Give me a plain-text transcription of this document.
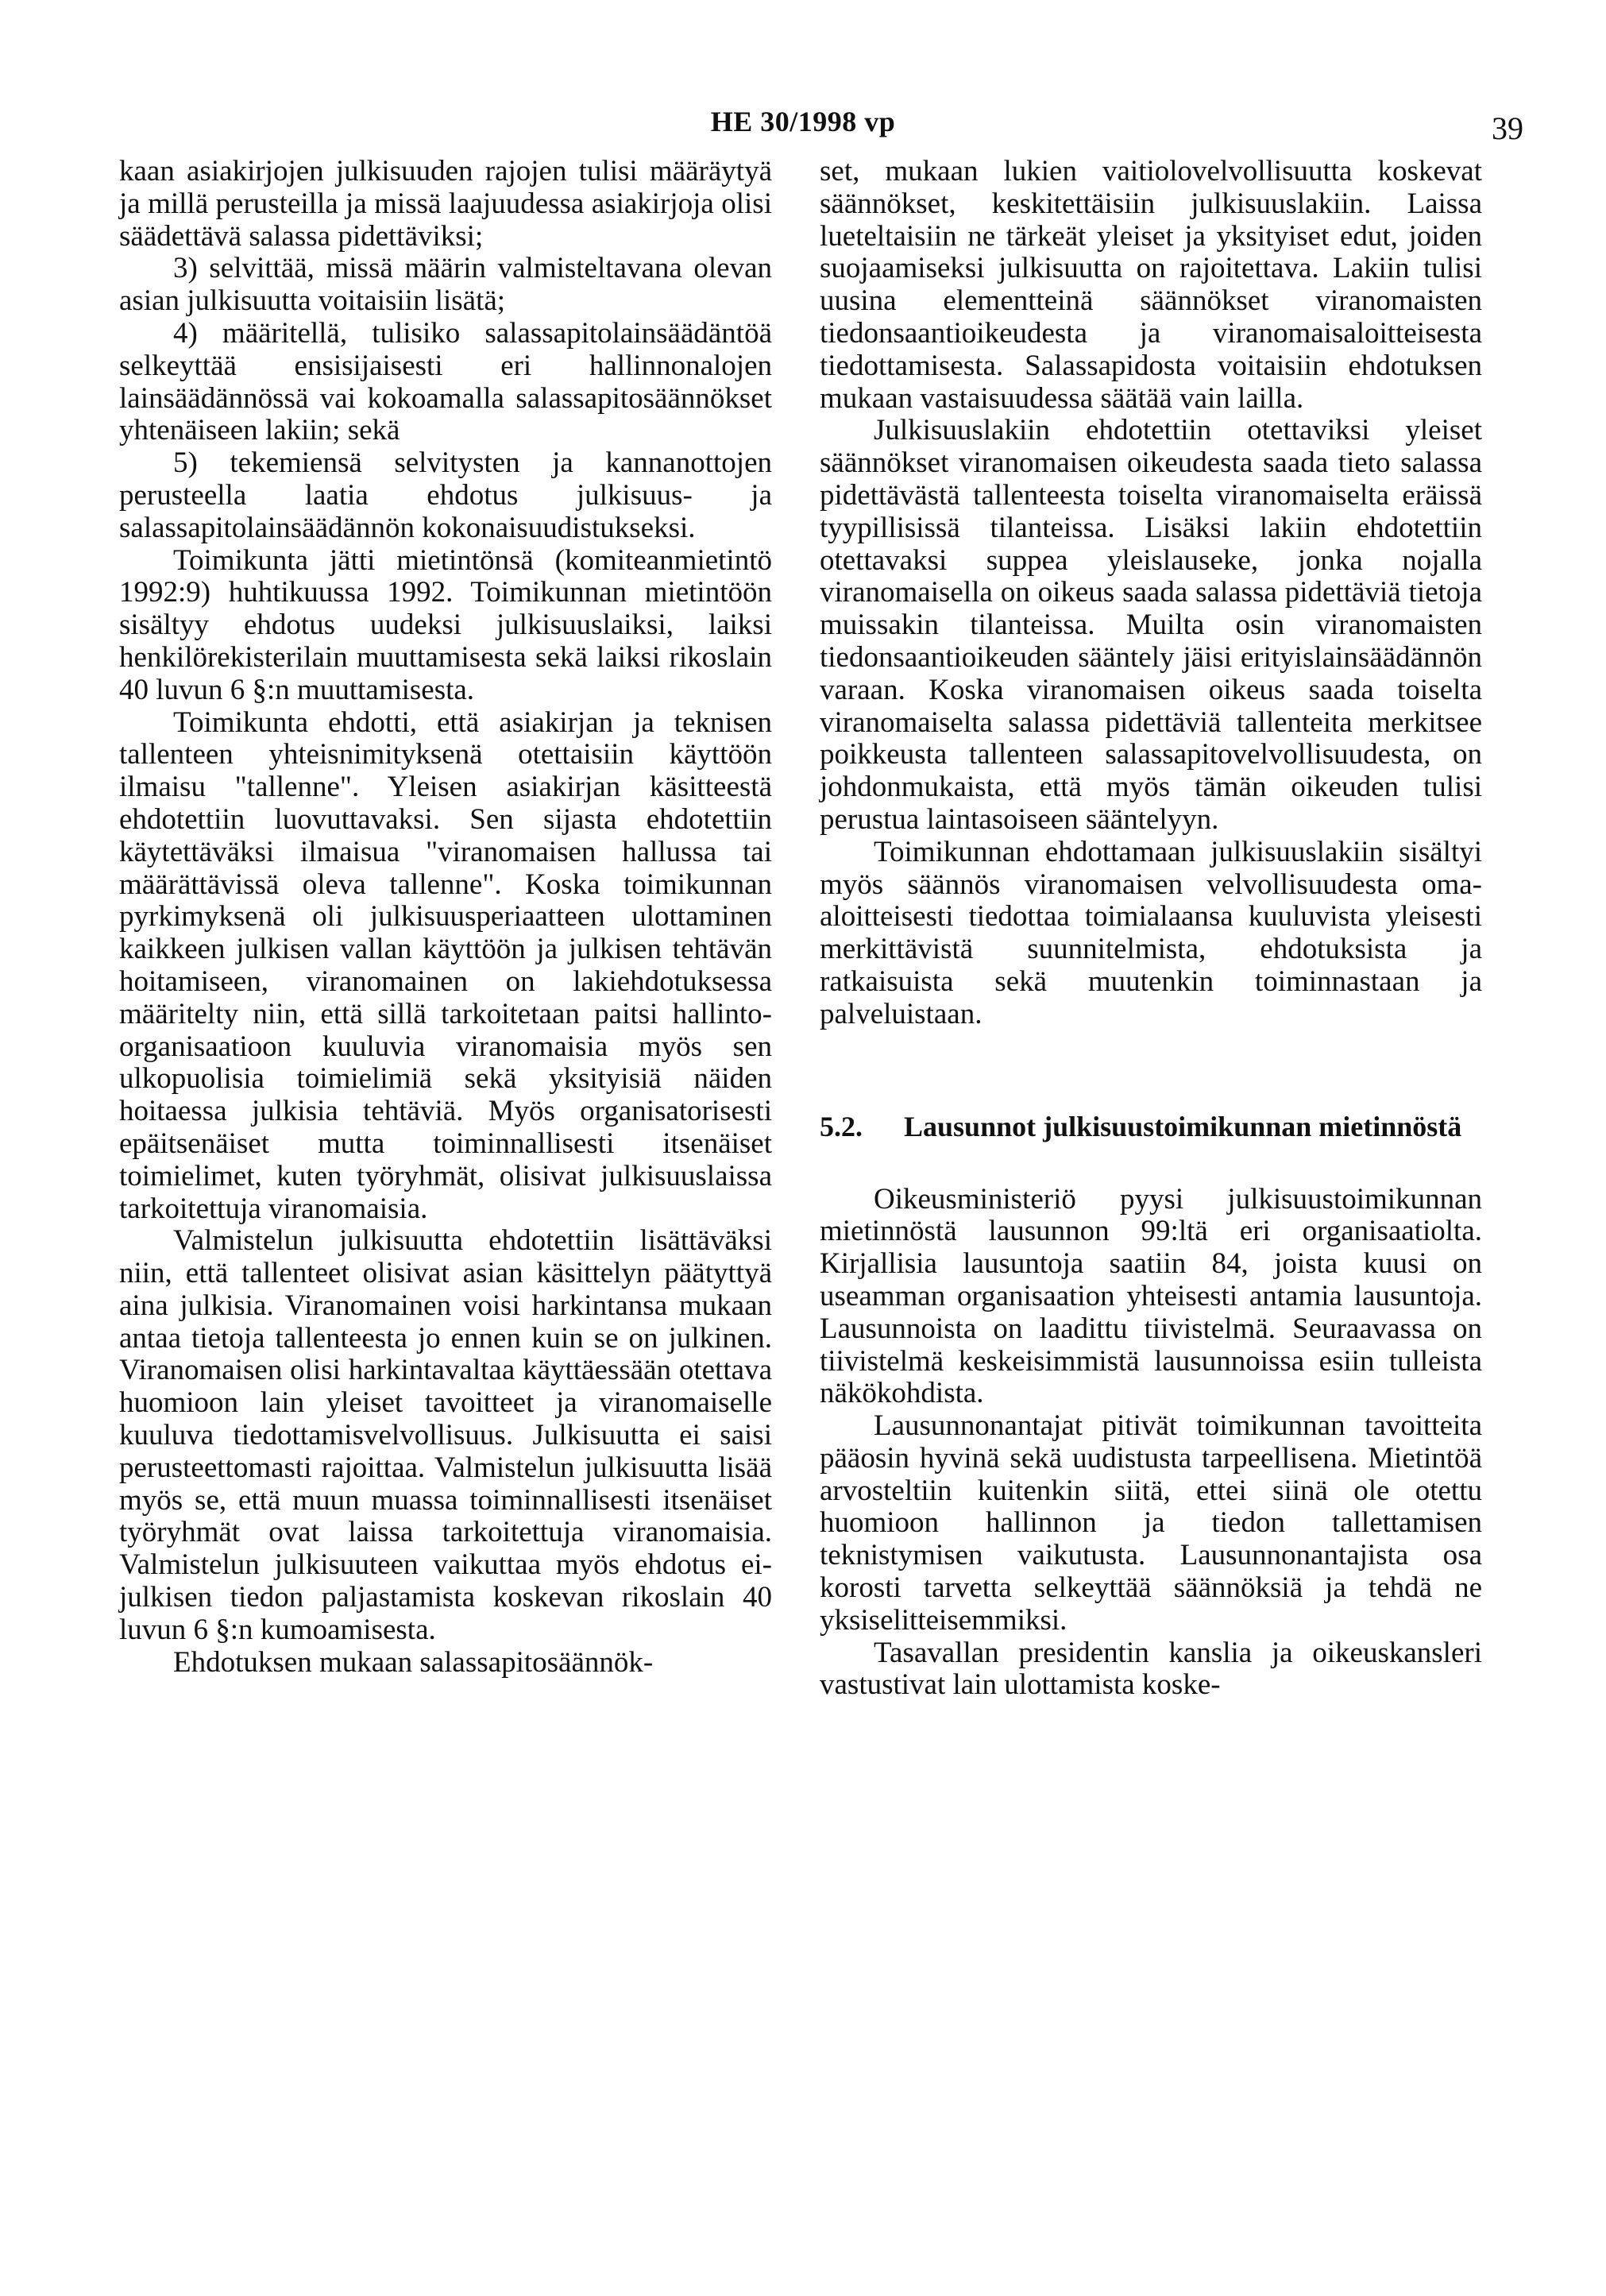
HE 30/1998 vp	39

kaan asiakirjojen julkisuuden rajojen tulisi määräytyä ja millä perusteilla ja missä laajuudessa asiakirjoja olisi säädettävä salassa pidettäviksi;

3) selvittää, missä määrin valmisteltavana olevan asian julkisuutta voitaisiin lisätä;

4) määritellä, tulisiko salassapitolainsäädäntöä selkeyttää ensisijaisesti eri hallinnonalojen lainsäädännössä vai kokoamalla salassapitosäännökset yhtenäiseen lakiin; sekä

5) tekemiensä selvitysten ja kannanottojen perusteella laatia ehdotus julkisuus- ja salassapitolainsäädännön kokonaisuudistukseksi.

Toimikunta jätti mietintönsä (komiteanmietintö 1992:9) huhtikuussa 1992. Toimikunnan mietintöön sisältyy ehdotus uudeksi julkisuuslaiksi, laiksi henkilörekisterilain muuttamisesta sekä laiksi rikoslain 40 luvun 6 §:n muuttamisesta.

Toimikunta ehdotti, että asiakirjan ja teknisen tallenteen yhteisnimityksenä otettaisiin käyttöön ilmaisu "tallenne". Yleisen asiakirjan käsitteestä ehdotettiin luovuttavaksi. Sen sijasta ehdotettiin käytettäväksi ilmaisua "viranomaisen hallussa tai määrättävissä oleva tallenne". Koska toimikunnan pyrkimyksenä oli julkisuusperiaatteen ulottaminen kaikkeen julkisen vallan käyttöön ja julkisen tehtävän hoitamiseen, viranomainen on lakiehdotuksessa määritelty niin, että sillä tarkoitetaan paitsi hallinto-organisaatioon kuuluvia viranomaisia myös sen ulkopuolisia toimielimiä sekä yksityisiä näiden hoitaessa julkisia tehtäviä. Myös organisatorisesti epäitsenäiset mutta toiminnallisesti itsenäiset toimielimet, kuten työryhmät, olisivat julkisuuslaissa tarkoitettuja viranomaisia.

Valmistelun julkisuutta ehdotettiin lisättäväksi niin, että tallenteet olisivat asian käsittelyn päätyttyä aina julkisia. Viranomainen voisi harkintansa mukaan antaa tietoja tallenteesta jo ennen kuin se on julkinen. Viranomaisen olisi harkintavaltaa käyttäessään otettava huomioon lain yleiset tavoitteet ja viranomaiselle kuuluva tiedottamisvelvollisuus. Julkisuutta ei saisi perusteettomasti rajoittaa. Valmistelun julkisuutta lisää myös se, että muun muassa toiminnallisesti itsenäiset työryhmät ovat laissa tarkoitettuja viranomaisia. Valmistelun julkisuuteen vaikuttaa myös ehdotus ei-julkisen tiedon paljastamista koskevan rikoslain 40 luvun 6 §:n kumoamisesta.

Ehdotuksen mukaan salassapitosäännök-

set, mukaan lukien vaitiolovelvollisuutta koskevat säännökset, keskitettäisiin julkisuuslakiin. Laissa lueteltaisiin ne tärkeät yleiset ja yksityiset edut, joiden suojaamiseksi julkisuutta on rajoitettava. Lakiin tulisi uusina elementteinä säännökset viranomaisten tiedonsaantioikeudesta ja viranomaisaloitteisesta tiedottamisesta. Salassapidosta voitaisiin ehdotuksen mukaan vastaisuudessa säätää vain lailla.

Julkisuuslakiin ehdotettiin otettaviksi yleiset säännökset viranomaisen oikeudesta saada tieto salassa pidettävästä tallenteesta toiselta viranomaiselta eräissä tyypillisissä tilanteissa. Lisäksi lakiin ehdotettiin otettavaksi suppea yleislauseke, jonka nojalla viranomaisella on oikeus saada salassa pidettäviä tietoja muissakin tilanteissa. Muilta osin viranomaisten tiedonsaantioikeuden sääntely jäisi erityislainsäädännön varaan. Koska viranomaisen oikeus saada toiselta viranomaiselta salassa pidettäviä tallenteita merkitsee poikkeusta tallenteen salassapitovelvollisuudesta, on johdonmukaista, että myös tämän oikeuden tulisi perustua laintasoiseen sääntelyyn.

Toimikunnan ehdottamaan julkisuuslakiin sisältyi myös säännös viranomaisen velvollisuudesta oma-aloitteisesti tiedottaa toimialaansa kuuluvista yleisesti merkittävistä suunnitelmista, ehdotuksista ja ratkaisuista sekä muutenkin toiminnastaan ja palveluistaan.

5.2.	Lausunnot julkisuustoimikunnan mietinnöstä

Oikeusministeriö pyysi julkisuustoimikunnan mietinnöstä lausunnon 99:ltä eri organisaatiolta. Kirjallisia lausuntoja saatiin 84, joista kuusi on useamman organisaation yhteisesti antamia lausuntoja. Lausunnoista on laadittu tiivistelmä. Seuraavassa on tiivistelmä keskeisimmistä lausunnoissa esiin tulleista näkökohdista.

Lausunnonantajat pitivät toimikunnan tavoitteita pääosin hyvinä sekä uudistusta tarpeellisena. Mietintöä arvosteltiin kuitenkin siitä, ettei siinä ole otettu huomioon hallinnon ja tiedon tallettamisen teknistymisen vaikutusta. Lausunnonantajista osa korosti tarvetta selkeyttää säännöksiä ja tehdä ne yksiselitteisemmiksi.

Tasavallan presidentin kanslia ja oikeuskansleri vastustivat lain ulottamista koske-
